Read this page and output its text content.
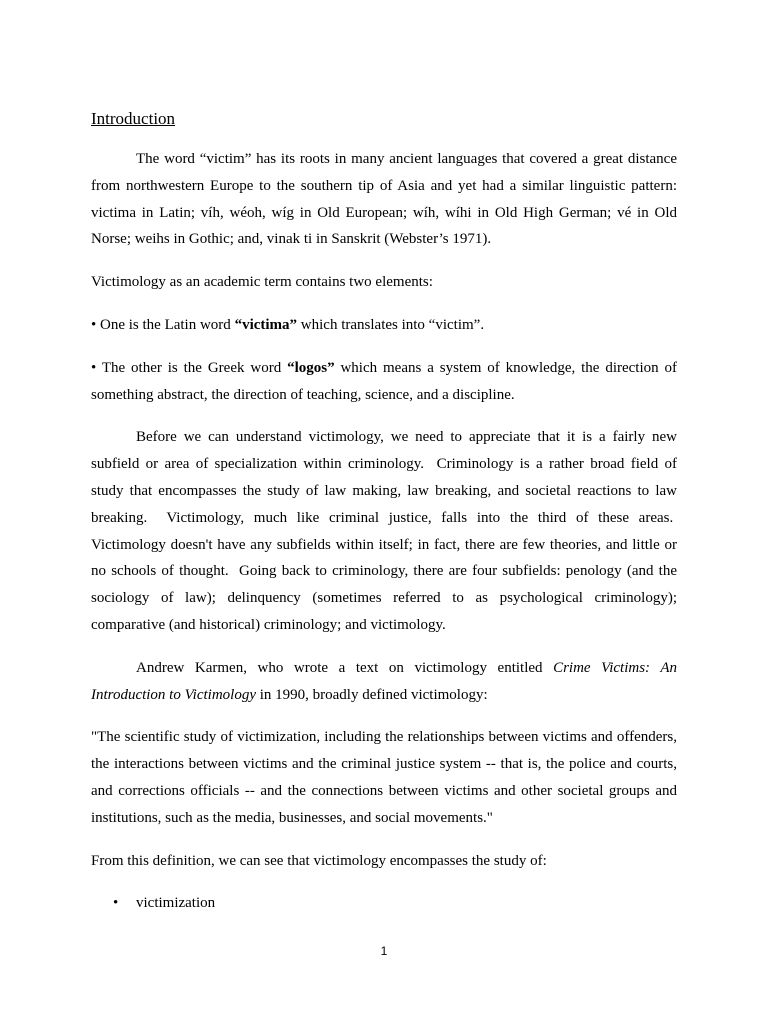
Introduction

The word “victim” has its roots in many ancient languages that covered a great distance from northwestern Europe to the southern tip of Asia and yet had a similar linguistic pattern: victima in Latin; víh, wéoh, wíg in Old European; wíh, wíhi in Old High German; vé in Old Norse; weihs in Gothic; and, vinak ti in Sanskrit (Webster’s 1971).

Victimology as an academic term contains two elements:

• One is the Latin word “victima” which translates into “victim”.

• The other is the Greek word “logos” which means a system of knowledge, the direction of something abstract, the direction of teaching, science, and a discipline.

Before we can understand victimology, we need to appreciate that it is a fairly new subfield or area of specialization within criminology.  Criminology is a rather broad field of study that encompasses the study of law making, law breaking, and societal reactions to law breaking.  Victimology, much like criminal justice, falls into the third of these areas.  Victimology doesn't have any subfields within itself; in fact, there are few theories, and little or no schools of thought.  Going back to criminology, there are four subfields: penology (and the sociology of law); delinquency (sometimes referred to as psychological criminology); comparative (and historical) criminology; and victimology.

Andrew Karmen, who wrote a text on victimology entitled Crime Victims: An Introduction to Victimology in 1990, broadly defined victimology:

"The scientific study of victimization, including the relationships between victims and offenders, the interactions between victims and the criminal justice system -- that is, the police and courts, and corrections officials -- and the connections between victims and other societal groups and institutions, such as the media, businesses, and social movements."

From this definition, we can see that victimology encompasses the study of:

• victimization
1
